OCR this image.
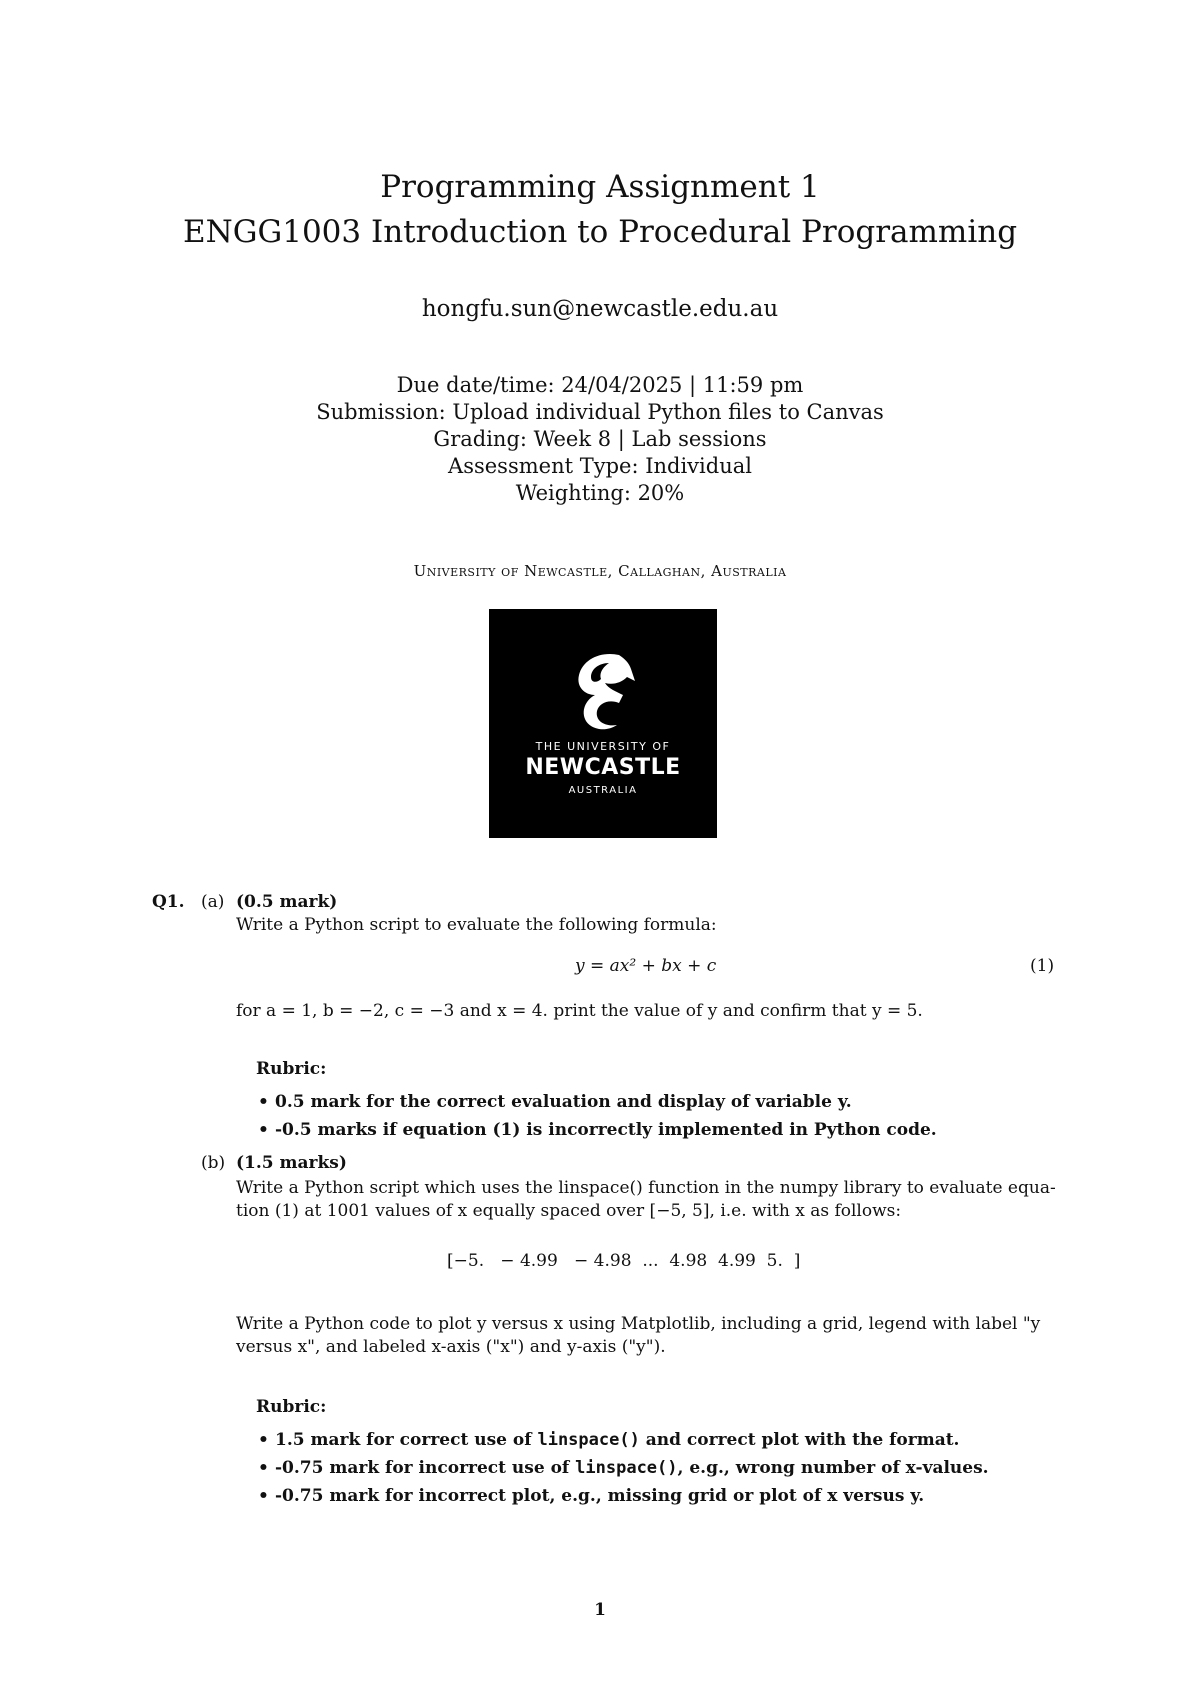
Programming Assignment 1
ENGG1003 Introduction to Procedural Programming
hongfu.sun@newcastle.edu.au
Due date/time: 24/04/2025 | 11:59 pm
Submission: Upload individual Python files to Canvas
Grading: Week 8 | Lab sessions
Assessment Type: Individual
Weighting: 20%
University of Newcastle, Callaghan, Australia
THE UNIVERSITY OF
NEWCASTLE
AUSTRALIA
Q1. (a) (0.5 mark)
Write a Python script to evaluate the following formula:
y = ax² + bx + c	(1)
for a = 1, b = −2, c = −3 and x = 4. print the value of y and confirm that y = 5.
Rubric:
• 0.5 mark for the correct evaluation and display of variable y.
• -0.5 marks if equation (1) is incorrectly implemented in Python code.
(b) (1.5 marks)
Write a Python script which uses the linspace() function in the numpy library to evaluate equa-
tion (1) at 1001 values of x equally spaced over [−5, 5], i.e. with x as follows:
[−5.   − 4.99   − 4.98  ...  4.98  4.99  5.  ]
Write a Python code to plot y versus x using Matplotlib, including a grid, legend with label "y
versus x", and labeled x-axis ("x") and y-axis ("y").
Rubric:
• 1.5 mark for correct use of linspace() and correct plot with the format.
• -0.75 mark for incorrect use of linspace(), e.g., wrong number of x-values.
• -0.75 mark for incorrect plot, e.g., missing grid or plot of x versus y.
1
